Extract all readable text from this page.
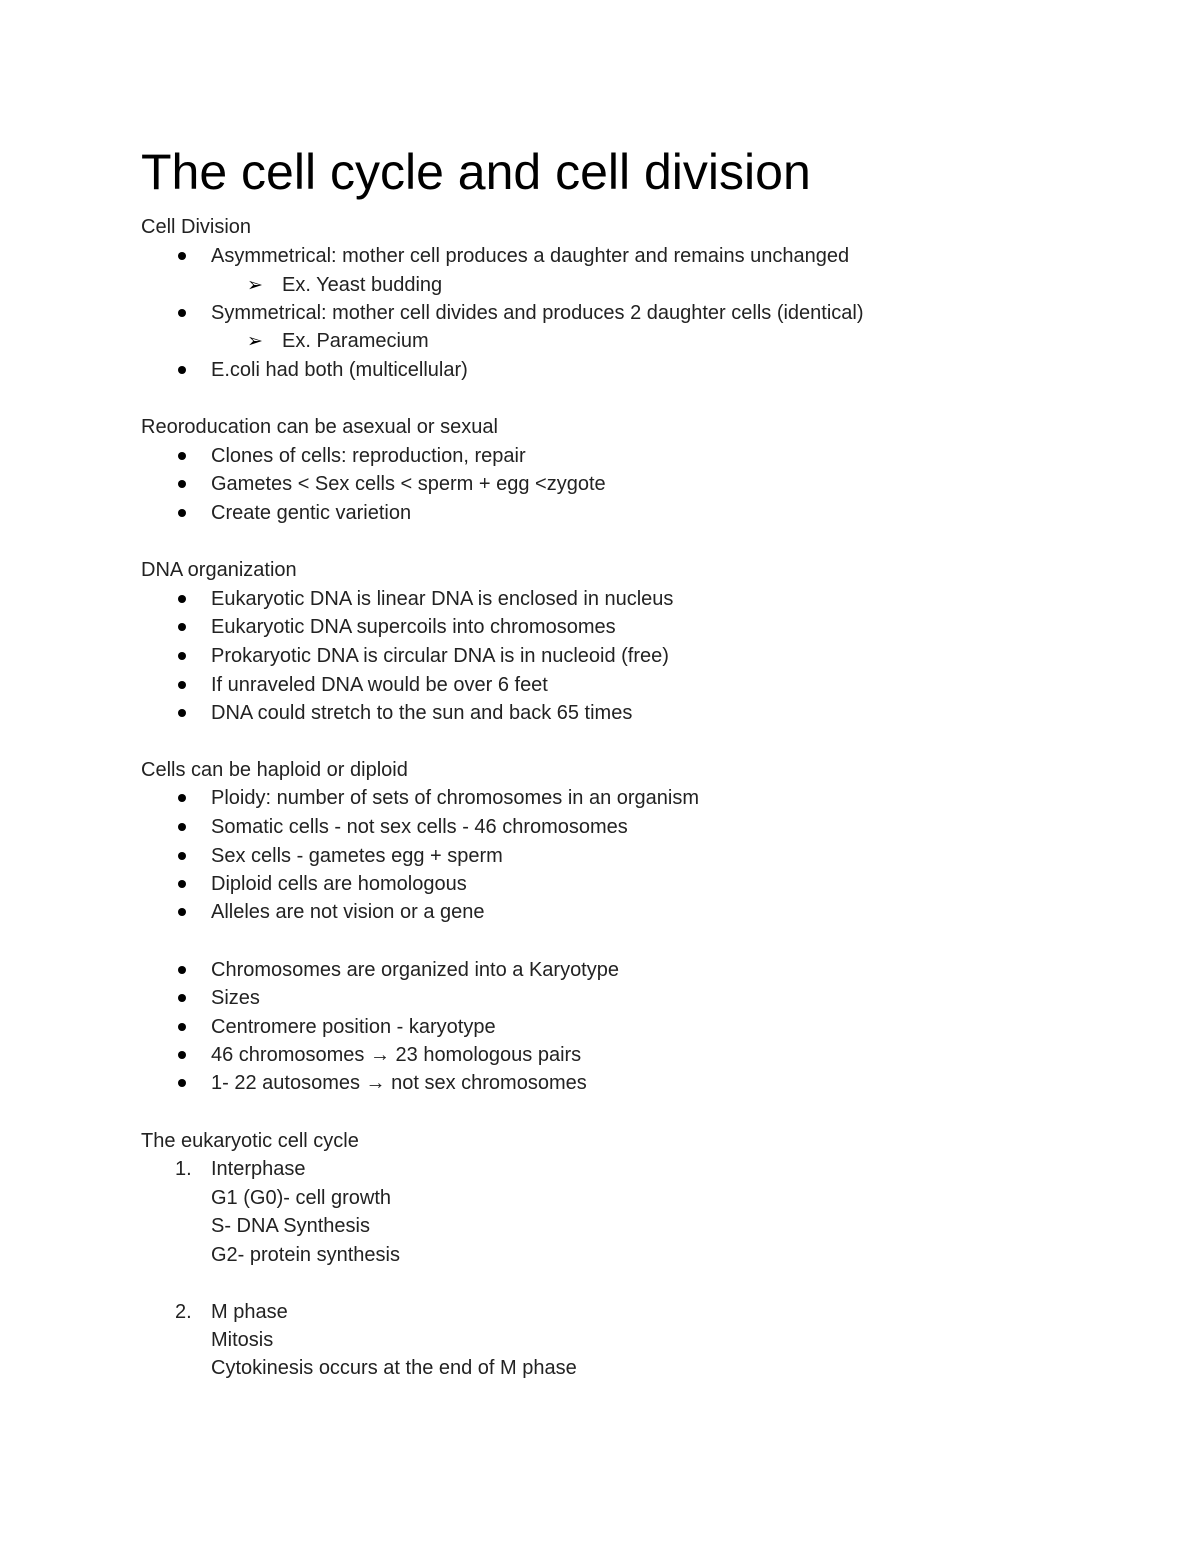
The cell cycle and cell division
Cell Division
Asymmetrical: mother cell produces a daughter and remains unchanged
➢ Ex. Yeast budding
Symmetrical: mother cell divides and produces 2 daughter cells (identical)
➢ Ex. Paramecium
E.coli had both (multicellular)
Reoroducation can be asexual or sexual
Clones of cells: reproduction, repair
Gametes < Sex cells < sperm + egg <zygote
Create gentic varietion
DNA organization
Eukaryotic DNA is linear DNA is enclosed in nucleus
Eukaryotic DNA supercoils into chromosomes
Prokaryotic DNA is circular DNA is in nucleoid (free)
If unraveled DNA would be over 6 feet
DNA could stretch to the sun and back 65 times
Cells can be haploid or diploid
Ploidy: number of sets of chromosomes in an organism
Somatic cells - not sex cells - 46 chromosomes
Sex cells - gametes egg + sperm
Diploid cells are homologous
Alleles are not vision or a gene
Chromosomes are organized into a Karyotype
Sizes
Centromere position - karyotype
46 chromosomes → 23 homologous pairs
1- 22 autosomes → not sex chromosomes
The eukaryotic cell cycle
1. Interphase
G1 (G0)- cell growth
S- DNA Synthesis
G2- protein synthesis
2. M phase
Mitosis
Cytokinesis occurs at the end of M phase
